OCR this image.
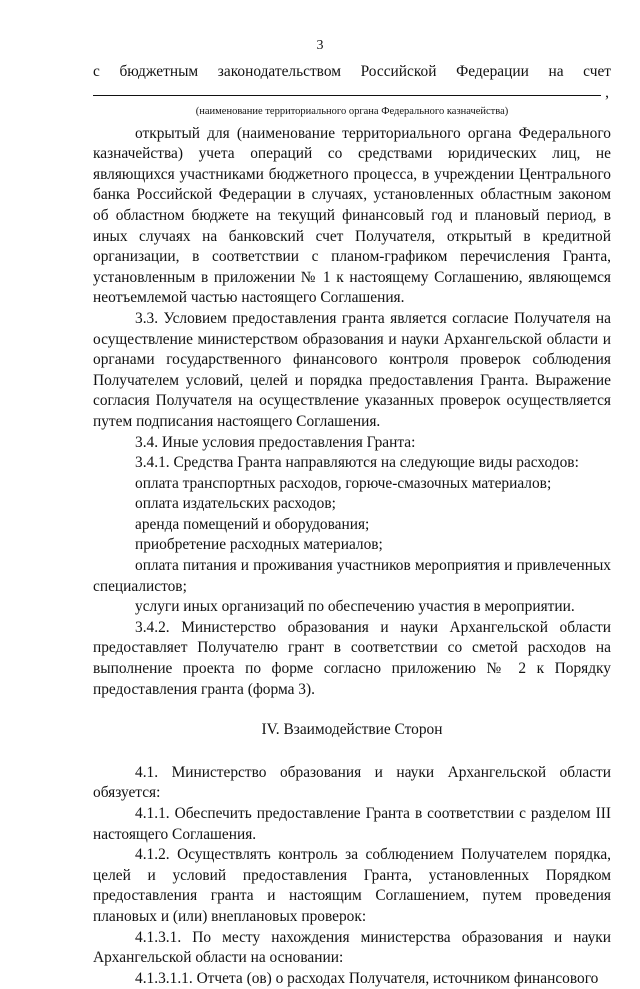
3

с бюджетным законодательством Российской Федерации на счет

,

(наименование территориального органа Федерального казначейства)

открытый для (наименование территориального органа Федерального казначейства) учета операций со средствами юридических лиц, не являющихся участниками бюджетного процесса, в учреждении Центрального банка Российской Федерации в случаях, установленных областным законом об областном бюджете на текущий финансовый год и плановый период, в иных случаях на банковский счет Получателя, открытый в кредитной организации, в соответствии с планом-графиком перечисления Гранта, установленным в приложении № 1 к настоящему Соглашению, являющемся неотъемлемой частью настоящего Соглашения.

3.3. Условием предоставления гранта является согласие Получателя на осуществление министерством образования и науки Архангельской области и органами государственного финансового контроля проверок соблюдения Получателем условий, целей и порядка предоставления Гранта. Выражение согласия Получателя на осуществление указанных проверок осуществляется путем подписания настоящего Соглашения.

3.4. Иные условия предоставления Гранта:

3.4.1. Средства Гранта направляются на следующие виды расходов:

оплата транспортных расходов, горюче-смазочных материалов;

оплата издательских расходов;

аренда помещений и оборудования;

приобретение расходных материалов;

оплата питания и проживания участников мероприятия и привлеченных специалистов;

услуги иных организаций по обеспечению участия в мероприятии.

3.4.2. Министерство образования и науки Архангельской области предоставляет Получателю грант в соответствии со сметой расходов на выполнение проекта по форме согласно приложению № 2 к Порядку предоставления гранта (форма 3).

IV. Взаимодействие Сторон

4.1. Министерство образования и науки Архангельской области обязуется:

4.1.1. Обеспечить предоставление Гранта в соответствии с разделом III настоящего Соглашения.

4.1.2. Осуществлять контроль за соблюдением Получателем порядка, целей и условий предоставления Гранта, установленных Порядком предоставления гранта и настоящим Соглашением, путем проведения плановых и (или) внеплановых проверок:

4.1.3.1. По месту нахождения министерства образования и науки Архангельской области на основании:

4.1.3.1.1. Отчета (ов) о расходах Получателя, источником финансового
